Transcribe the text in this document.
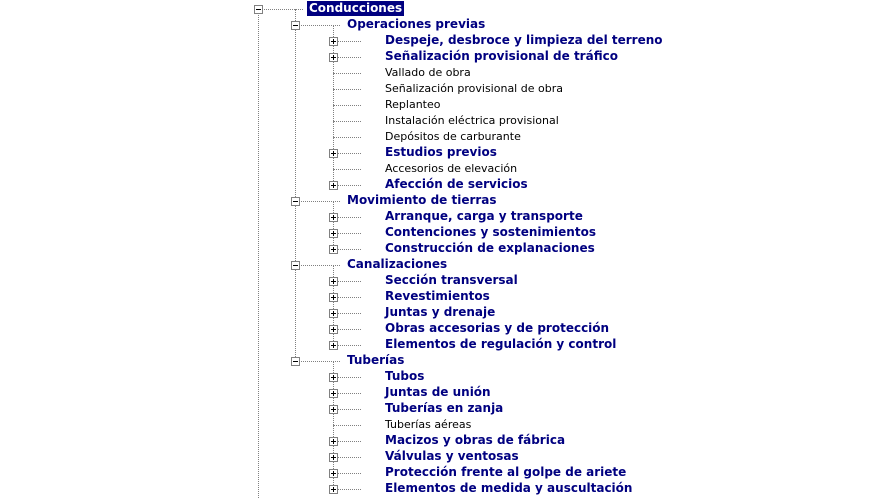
Conducciones
Operaciones previas
Despeje, desbroce y limpieza del terreno
Señalización provisional de tráfico
Vallado de obra
Señalización provisional de obra
Replanteo
Instalación eléctrica provisional
Depósitos de carburante
Estudios previos
Accesorios de elevación
Afección de servicios
Movimiento de tierras
Arranque, carga y transporte
Contenciones y sostenimientos
Construcción de explanaciones
Canalizaciones
Sección transversal
Revestimientos
Juntas y drenaje
Obras accesorias y de protección
Elementos de regulación y control
Tuberías
Tubos
Juntas de unión
Tuberías en zanja
Tuberías aéreas
Macizos y obras de fábrica
Válvulas y ventosas
Protección frente al golpe de ariete
Elementos de medida y auscultación
